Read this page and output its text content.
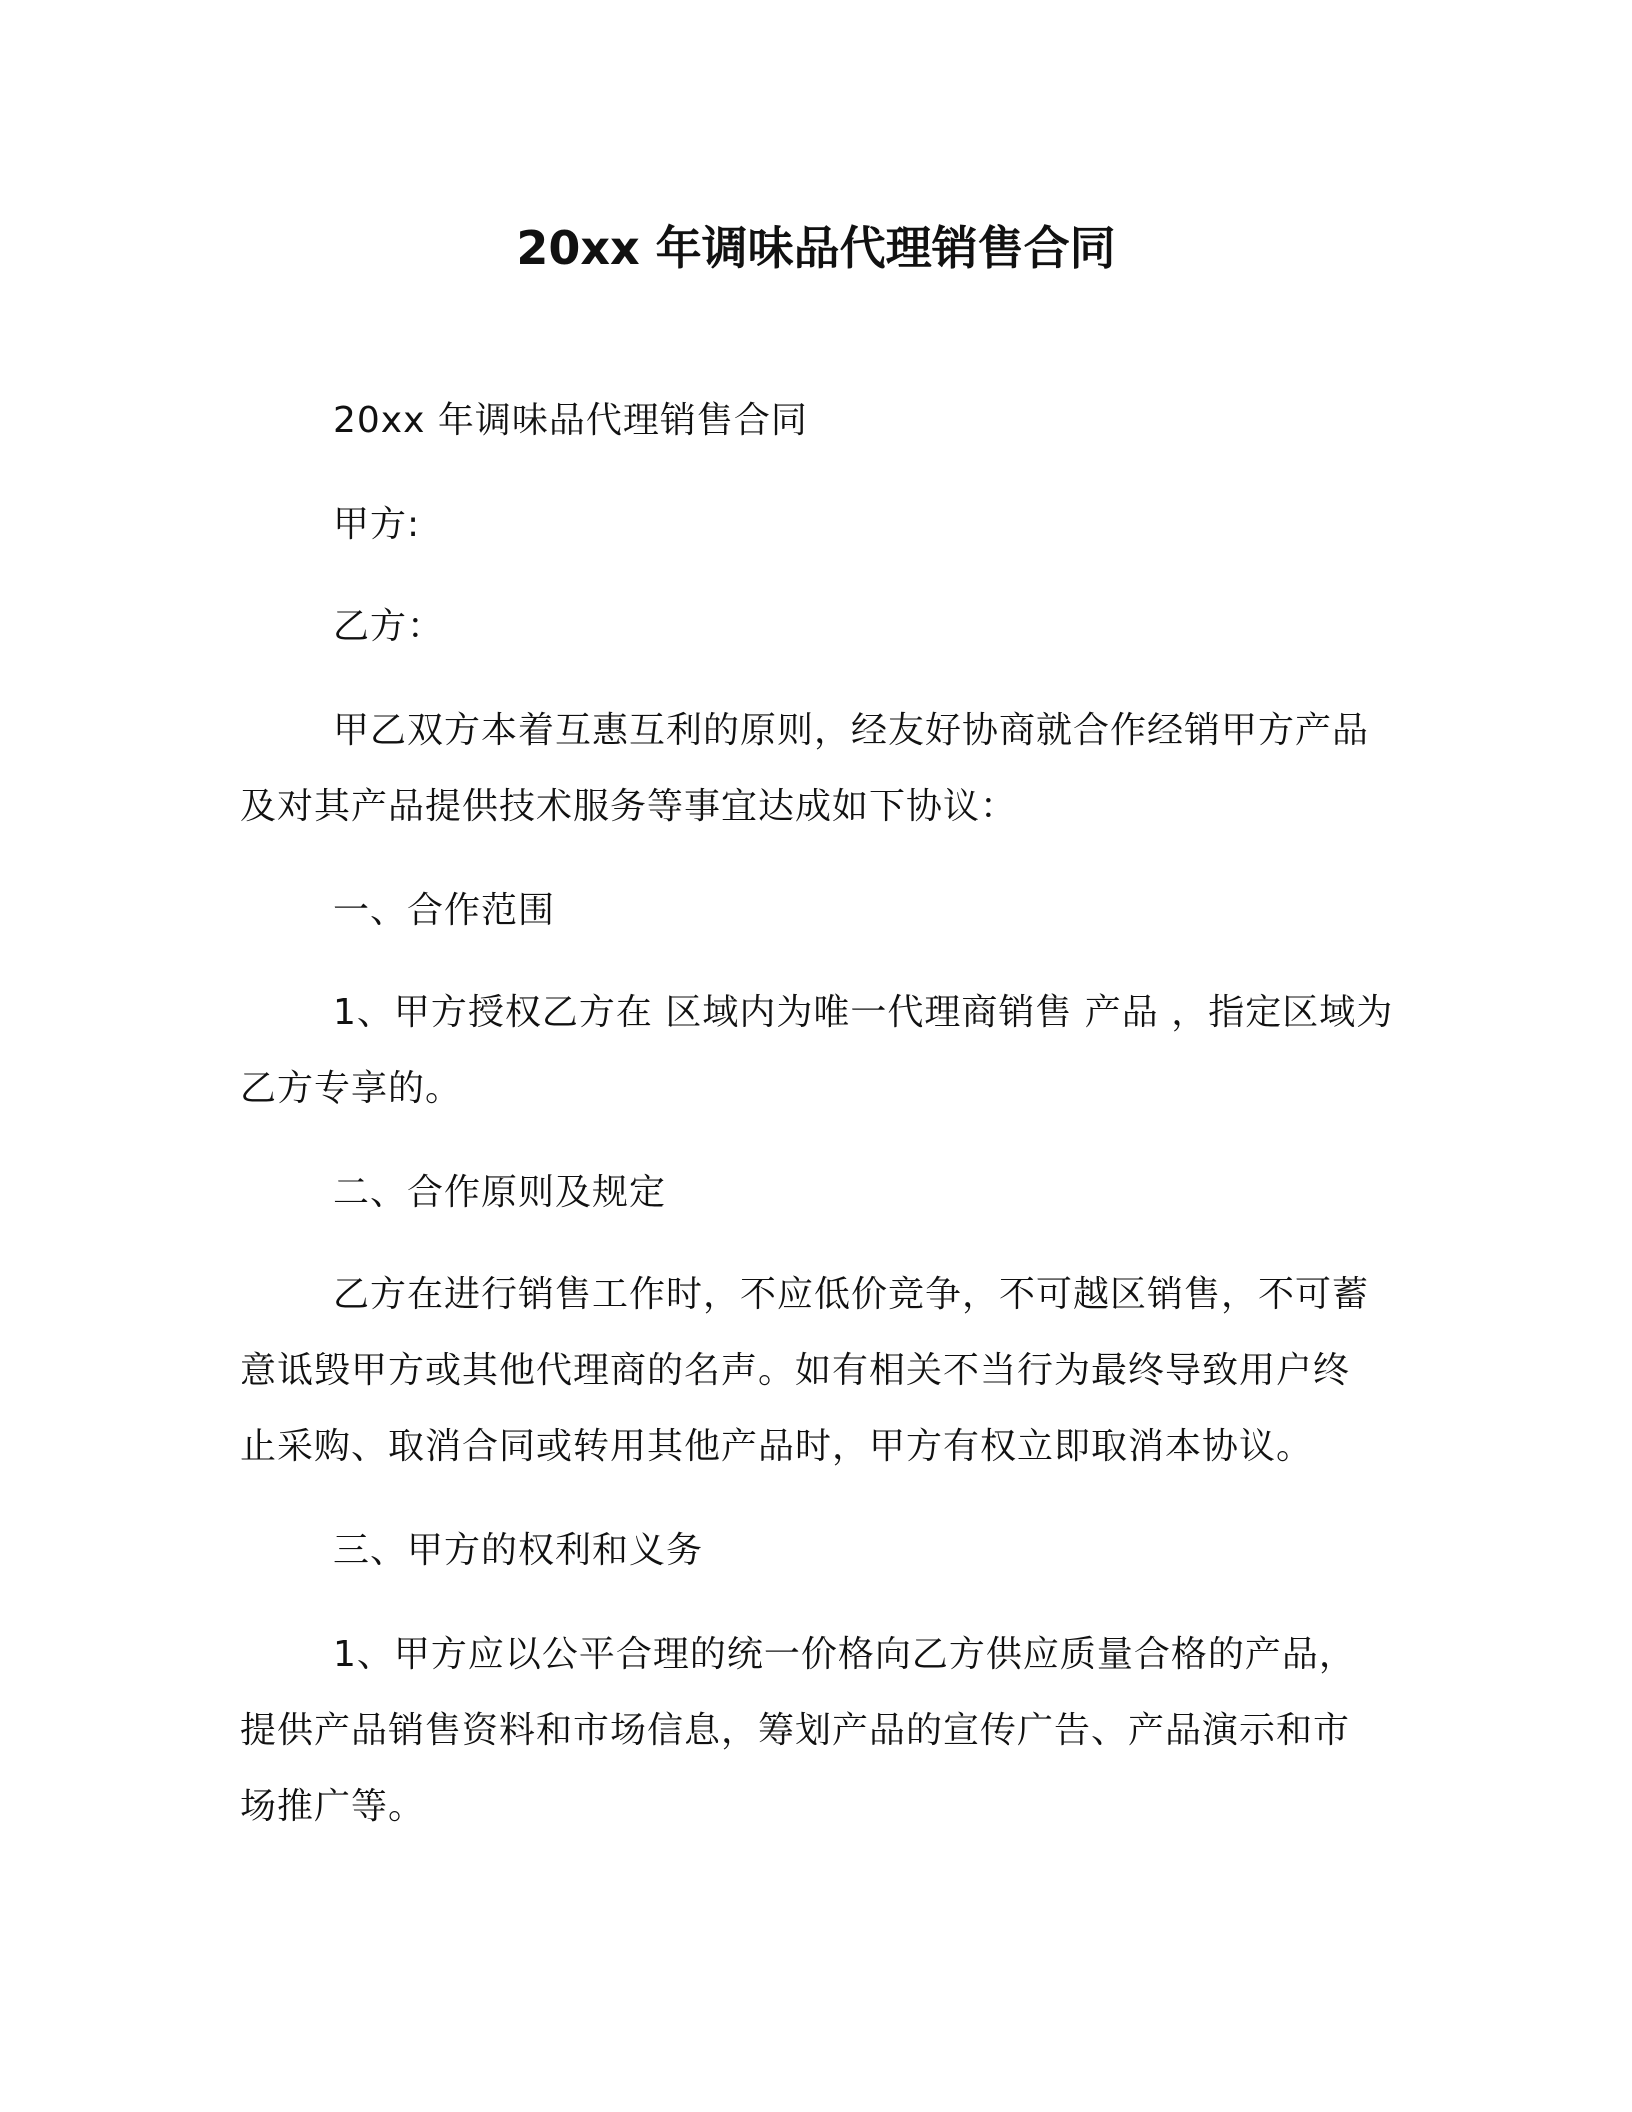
20xx 年调味品代理销售合同
20xx 年调味品代理销售合同
甲方:
乙方：
甲乙双方本着互惠互利的原则，经友好协商就合作经销甲方产品
及对其产品提供技术服务等事宜达成如下协议：
一、合作范围
1、甲方授权乙方在 区域内为唯一代理商销售 产品 ，指定区域为
乙方专享的。
二、合作原则及规定
乙方在进行销售工作时，不应低价竞争，不可越区销售，不可蓄
意诋毁甲方或其他代理商的名声。如有相关不当行为最终导致用户终
止采购、取消合同或转用其他产品时，甲方有权立即取消本协议。
三、甲方的权利和义务
1、甲方应以公平合理的统一价格向乙方供应质量合格的产品，
提供产品销售资料和市场信息，筹划产品的宣传广告、产品演示和市
场推广等。
